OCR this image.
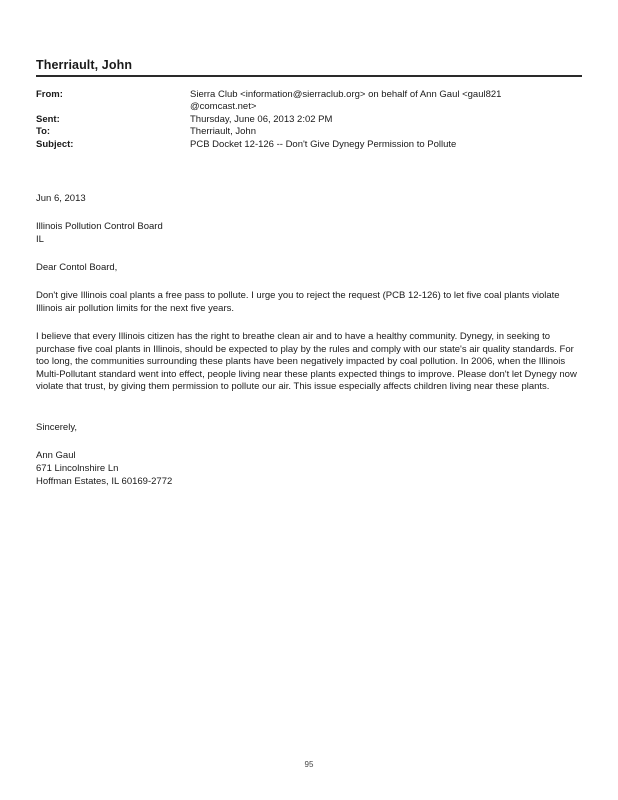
Therriault, John
From:	Sierra Club <information@sierraclub.org> on behalf of Ann Gaul <gaul821 @comcast.net>
Sent:	Thursday, June 06, 2013 2:02 PM
To:	Therriault, John
Subject:	PCB Docket 12-126 -- Don't Give Dynegy Permission to Pollute
Jun 6, 2013
Illinois Pollution Control Board
IL
Dear Contol Board,
Don't give Illinois coal plants a free pass to pollute. I urge you to reject the request (PCB 12-126) to let five coal plants violate Illinois air pollution limits for the next five years.
I believe that every Illinois citizen has the right to breathe clean air and to have a healthy community. Dynegy, in seeking to purchase five coal plants in Illinois, should be expected to play by the rules and comply with our state's air quality standards. For too long, the communities surrounding these plants have been negatively impacted by coal pollution. In 2006, when the Illinois Multi-Pollutant standard went into effect, people living near these plants expected things to improve. Please don't let Dynegy now violate that trust, by giving them permission to pollute our air. This issue especially affects children living near these plants.
Sincerely,
Ann Gaul
671 Lincolnshire Ln
Hoffman Estates, IL 60169-2772
95
